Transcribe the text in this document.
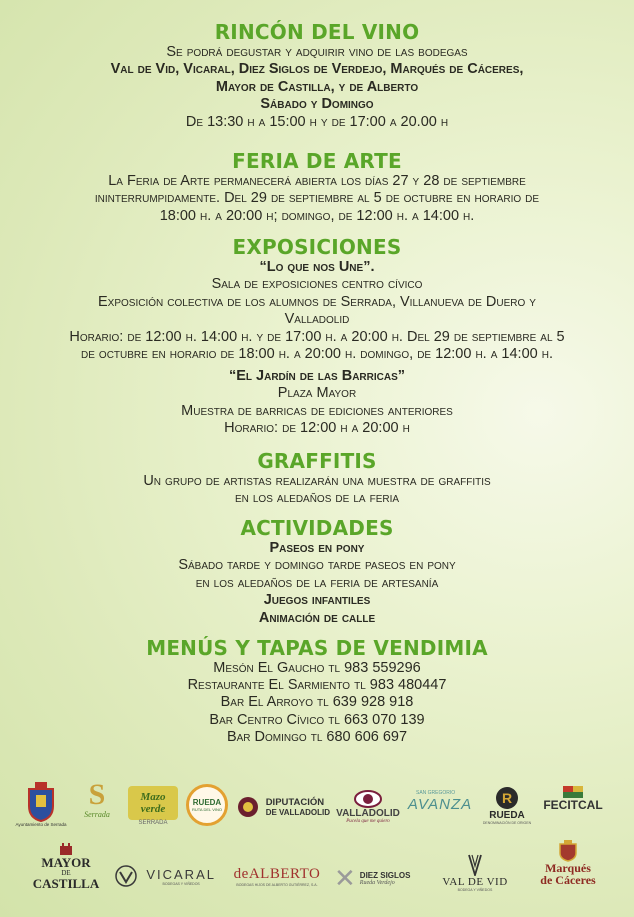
RINCÓN DEL VINO

Se podrá degustar y adquirir vino de las bodegas

Val de Vid, Vicaral, Diez Siglos de Verdejo, Marqués de Cáceres,

Mayor de Castilla, y de Alberto

Sábado y Domingo

De 13:30 h a 15:00 h y de 17:00 a 20.00 h

FERIA DE ARTE

La Feria de Arte permanecerá abierta los días 27 y 28 de septiembre

ininterrumpidamente. Del 29 de septiembre al 5 de octubre en horario de

18:00 h. a 20:00 h; domingo, de 12:00 h. a 14:00 h.

EXPOSICIONES

“Lo que nos Une”.

Sala de exposiciones centro cívico

Exposición colectiva de los alumnos de Serrada, Villanueva de Duero y

Valladolid

Horario: de 12:00 h. 14:00 h. y de 17:00 h. a 20:00 h. Del 29 de septiembre al 5

de octubre en horario de 18:00 h. a 20:00 h. domingo, de 12:00 h. a 14:00 h.

“El Jardín de las Barricas”

Plaza Mayor

Muestra de barricas de ediciones anteriores

Horario: de 12:00 h a 20:00 h

GRAFFITIS

Un grupo de artistas realizarán una muestra de graffitis

en los aledaños de la feria

ACTIVIDADES

Paseos en pony

Sábado tarde y domingo tarde paseos en pony

en los aledaños de la feria de artesanía

Juegos infantiles

Animación de calle

MENÚS Y TAPAS DE VENDIMIA

Mesón El Gaucho tl 983 559296

Restaurante El Sarmiento tl 983 480447

Bar El Arroyo tl 639 928 918

Bar Centro Cívico tl 663 070 139

Bar Domingo tl 680 606 697

Ayuntamiento de Serrada
S
Serrada
Mazo verde
SERRADA
RUEDA
RUTA DEL VINO
DIPUTACIÓN
DE VALLADOLID VALLADOLID
Pucela que me quiero
SAN GREGORIO
AVANZA R
RUEDA
DENOMINACIÓN DE ORIGEN
FECITCAL
MAYOR
DE
CASTILLA
VICARAL
BODEGAS Y VIÑEDOS
deALBERTO
BODEGAS HIJOS DE ALBERTO GUTIÉRREZ, S.A. ✕ DIEZ SIGLOS
Rueda Verdejo	VAL DE VID
BODEGA Y VIÑEDOS
Marqués
de Cáceres
